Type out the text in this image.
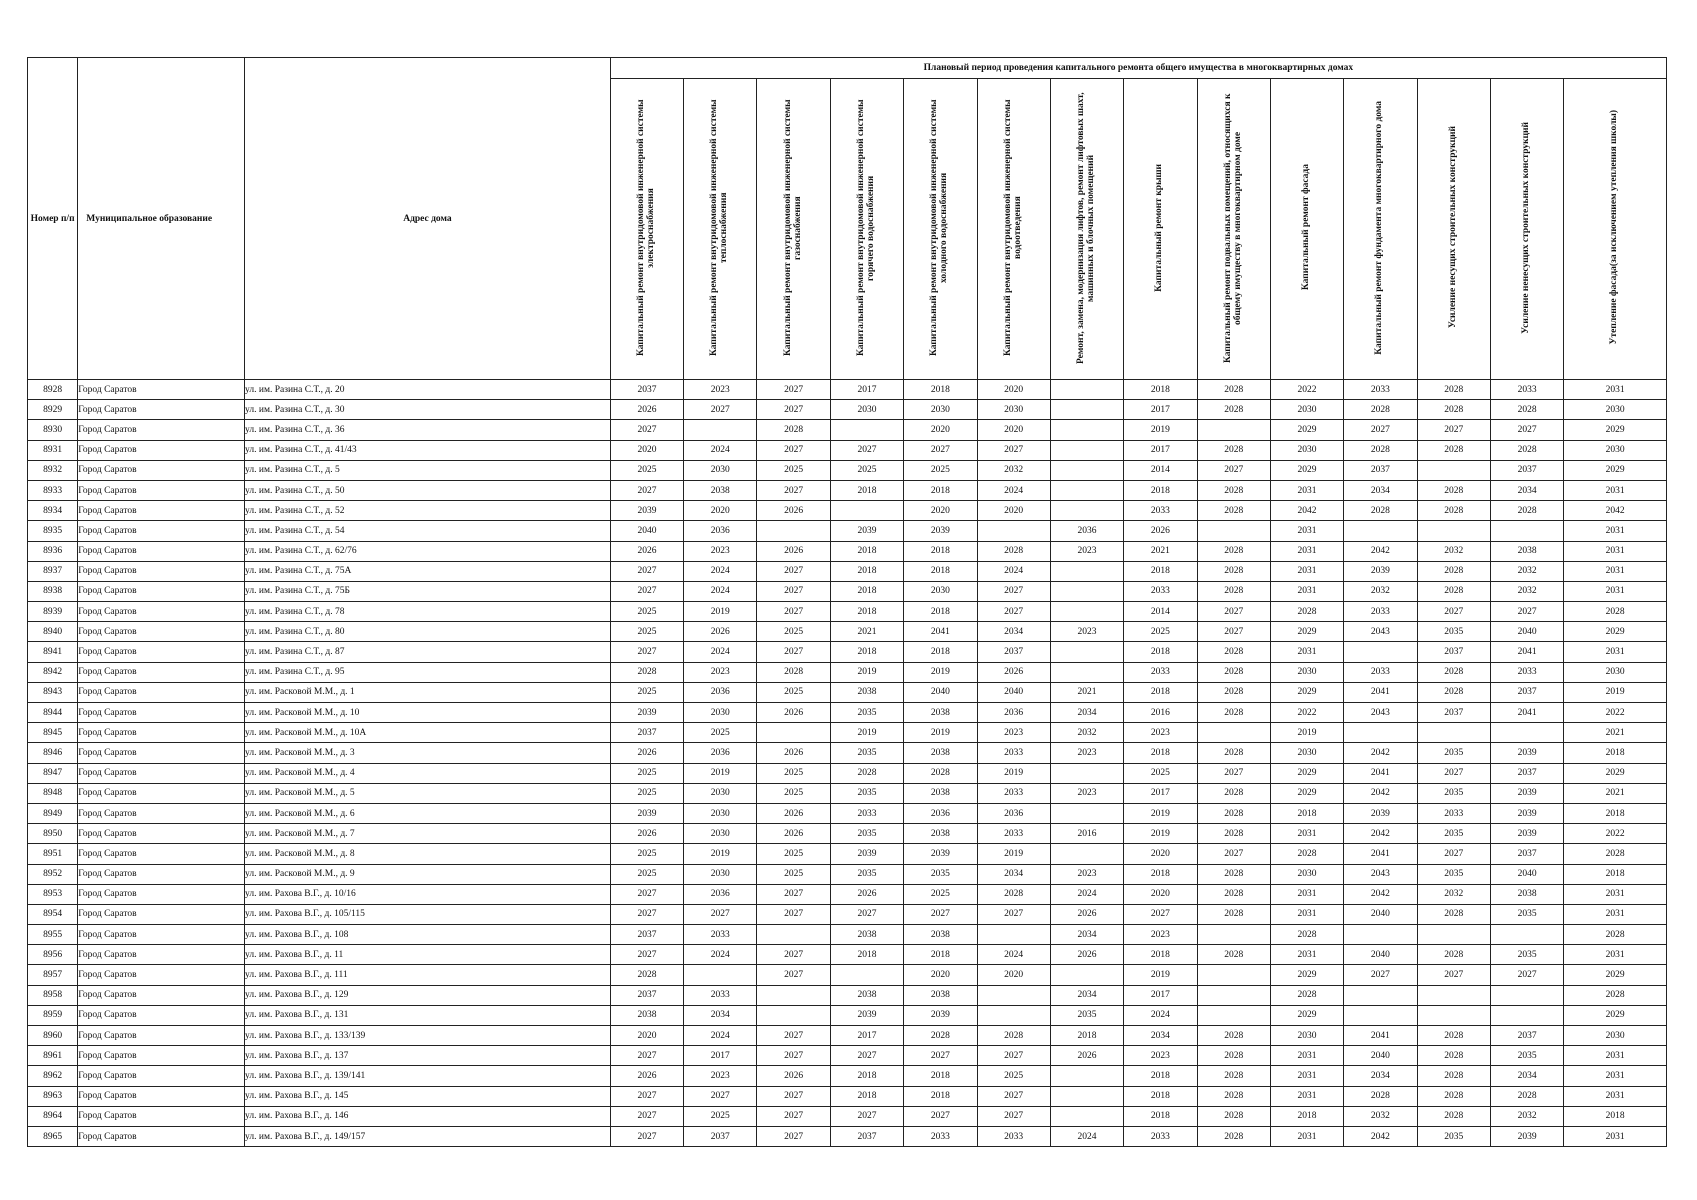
Номер п/п	Муниципальное образование	Адрес дома	Плановый период проведения капитального ремонта общего имущества в многоквартирных домах													
			Капитальный ремонт внутридомовой инженерной системы электроснабжения	Капитальный ремонт внутридомовой инженерной системы теплоснабжения	Капитальный ремонт внутридомовой инженерной системы газоснабжения	Капитальный ремонт внутридомовой инженерной системы горячего водоснабжения	Капитальный ремонт внутридомовой инженерной системы холодного водоснабжения	Капитальный ремонт внутридомовой инженерной системы водоотведения	Ремонт, замена, модернизация лифтов, ремонт лифтовых шахт, машинных и блочных помещений	Капитальный ремонт крыши	Капитальный ремонт подвальных помещений, относящихся к общему имуществу в многоквартирном доме	Капитальный ремонт фасада	Капитальный ремонт фундамента многоквартирного дома	Усиление несущих строительных конструкций	Усиление ненесущих строительных конструкций	Утепление фасада(за исключением утепления школы)
8928	Город Саратов	ул. им. Разина С.Т., д. 20	2037	2023	2027	2017	2018	2020		2018	2028	2022	2033	2028	2033	2031
8929	Город Саратов	ул. им. Разина С.Т., д. 30	2026	2027	2027	2030	2030	2030		2017	2028	2030	2028	2028	2028	2030
8930	Город Саратов	ул. им. Разина С.Т., д. 36	2027		2028		2020	2020		2019		2029	2027	2027	2027	2029
8931	Город Саратов	ул. им. Разина С.Т., д. 41/43	2020	2024	2027	2027	2027	2027		2017	2028	2030	2028	2028	2028	2030
8932	Город Саратов	ул. им. Разина С.Т., д. 5	2025	2030	2025	2025	2025	2032		2014	2027	2029	2037		2037	2029
8933	Город Саратов	ул. им. Разина С.Т., д. 50	2027	2038	2027	2018	2018	2024		2018	2028	2031	2034	2028	2034	2031
8934	Город Саратов	ул. им. Разина С.Т., д. 52	2039	2020	2026		2020	2020		2033	2028	2042	2028	2028	2028	2042
8935	Город Саратов	ул. им. Разина С.Т., д. 54	2040	2036		2039	2039		2036	2026		2031				2031
8936	Город Саратов	ул. им. Разина С.Т., д. 62/76	2026	2023	2026	2018	2018	2028	2023	2021	2028	2031	2042	2032	2038	2031
8937	Город Саратов	ул. им. Разина С.Т., д. 75А	2027	2024	2027	2018	2018	2024		2018	2028	2031	2039	2028	2032	2031
8938	Город Саратов	ул. им. Разина С.Т., д. 75Б	2027	2024	2027	2018	2030	2027		2033	2028	2031	2032	2028	2032	2031
8939	Город Саратов	ул. им. Разина С.Т., д. 78	2025	2019	2027	2018	2018	2027		2014	2027	2028	2033	2027	2027	2028
8940	Город Саратов	ул. им. Разина С.Т., д. 80	2025	2026	2025	2021	2041	2034	2023	2025	2027	2029	2043	2035	2040	2029
8941	Город Саратов	ул. им. Разина С.Т., д. 87	2027	2024	2027	2018	2018	2037		2018	2028	2031		2037	2041	2031
8942	Город Саратов	ул. им. Разина С.Т., д. 95	2028	2023	2028	2019	2019	2026		2033	2028	2030	2033	2028	2033	2030
8943	Город Саратов	ул. им. Расковой М.М., д. 1	2025	2036	2025	2038	2040	2040	2021	2018	2028	2029	2041	2028	2037	2019
8944	Город Саратов	ул. им. Расковой М.М., д. 10	2039	2030	2026	2035	2038	2036	2034	2016	2028	2022	2043	2037	2041	2022
8945	Город Саратов	ул. им. Расковой М.М., д. 10А	2037	2025		2019	2019	2023	2032	2023		2019				2021
8946	Город Саратов	ул. им. Расковой М.М., д. 3	2026	2036	2026	2035	2038	2033	2023	2018	2028	2030	2042	2035	2039	2018
8947	Город Саратов	ул. им. Расковой М.М., д. 4	2025	2019	2025	2028	2028	2019		2025	2027	2029	2041	2027	2037	2029
8948	Город Саратов	ул. им. Расковой М.М., д. 5	2025	2030	2025	2035	2038	2033	2023	2017	2028	2029	2042	2035	2039	2021
8949	Город Саратов	ул. им. Расковой М.М., д. 6	2039	2030	2026	2033	2036	2036		2019	2028	2018	2039	2033	2039	2018
8950	Город Саратов	ул. им. Расковой М.М., д. 7	2026	2030	2026	2035	2038	2033	2016	2019	2028	2031	2042	2035	2039	2022
8951	Город Саратов	ул. им. Расковой М.М., д. 8	2025	2019	2025	2039	2039	2019		2020	2027	2028	2041	2027	2037	2028
8952	Город Саратов	ул. им. Расковой М.М., д. 9	2025	2030	2025	2035	2035	2034	2023	2018	2028	2030	2043	2035	2040	2018
8953	Город Саратов	ул. им. Рахова В.Г., д. 10/16	2027	2036	2027	2026	2025	2028	2024	2020	2028	2031	2042	2032	2038	2031
8954	Город Саратов	ул. им. Рахова В.Г., д. 105/115	2027	2027	2027	2027	2027	2027	2026	2027	2028	2031	2040	2028	2035	2031
8955	Город Саратов	ул. им. Рахова В.Г., д. 108	2037	2033		2038	2038		2034	2023		2028				2028
8956	Город Саратов	ул. им. Рахова В.Г., д. 11	2027	2024	2027	2018	2018	2024	2026	2018	2028	2031	2040	2028	2035	2031
8957	Город Саратов	ул. им. Рахова В.Г., д. 111	2028		2027		2020	2020		2019		2029	2027	2027	2027	2029
8958	Город Саратов	ул. им. Рахова В.Г., д. 129	2037	2033		2038	2038		2034	2017		2028				2028
8959	Город Саратов	ул. им. Рахова В.Г., д. 131	2038	2034		2039	2039		2035	2024		2029				2029
8960	Город Саратов	ул. им. Рахова В.Г., д. 133/139	2020	2024	2027	2017	2028	2028	2018	2034	2028	2030	2041	2028	2037	2030
8961	Город Саратов	ул. им. Рахова В.Г., д. 137	2027	2017	2027	2027	2027	2027	2026	2023	2028	2031	2040	2028	2035	2031
8962	Город Саратов	ул. им. Рахова В.Г., д. 139/141	2026	2023	2026	2018	2018	2025		2018	2028	2031	2034	2028	2034	2031
8963	Город Саратов	ул. им. Рахова В.Г., д. 145	2027	2027	2027	2018	2018	2027		2018	2028	2031	2028	2028	2028	2031
8964	Город Саратов	ул. им. Рахова В.Г., д. 146	2027	2025	2027	2027	2027	2027		2018	2028	2018	2032	2028	2032	2018
8965	Город Саратов	ул. им. Рахова В.Г., д. 149/157	2027	2037	2027	2037	2033	2033	2024	2033	2028	2031	2042	2035	2039	2031
